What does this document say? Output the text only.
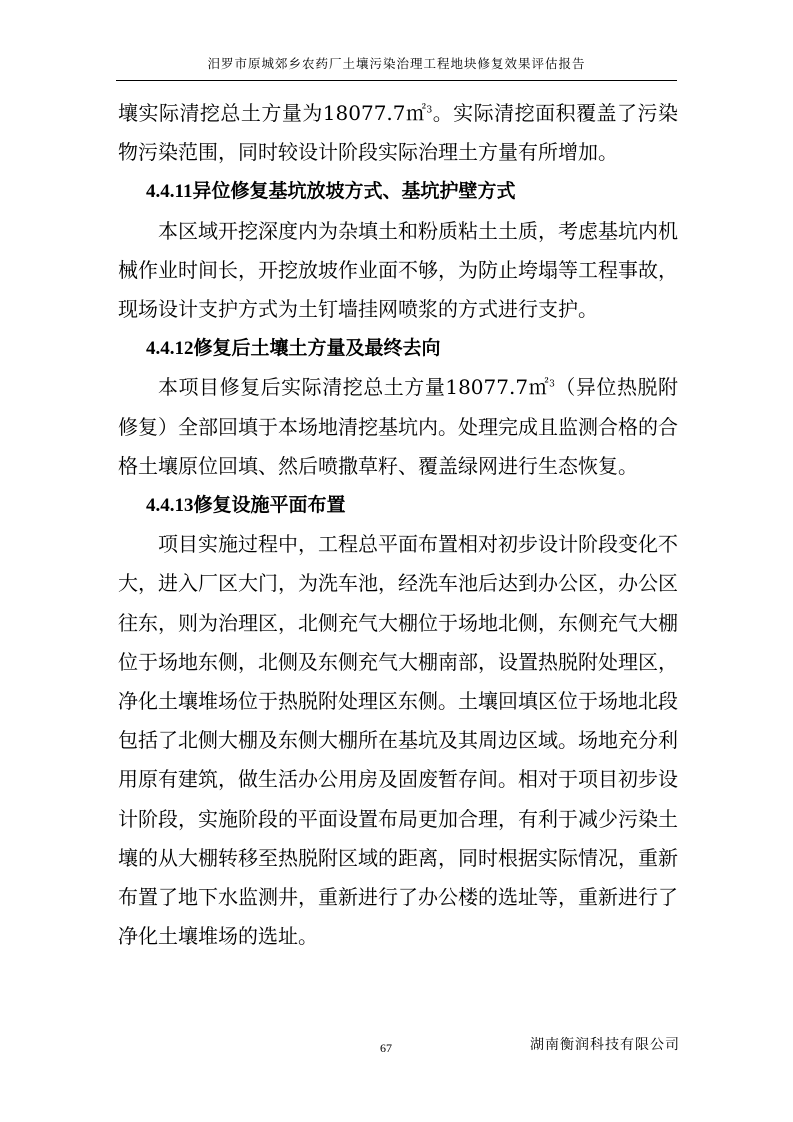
汨罗市原城郊乡农药厂土壤污染治理工程地块修复效果评估报告

壤实际清挖总土方量为18077.7㎡$^3$。实际清挖面积覆盖了污染物污染范围，同时较设计阶段实际治理土方量有所增加。

4.4.11异位修复基坑放坡方式、基坑护壁方式

本区域开挖深度内为杂填土和粉质粘土土质，考虑基坑内机械作业时间长，开挖放坡作业面不够，为防止垮塌等工程事故，现场设计支护方式为土钉墙挂网喷浆的方式进行支护。

4.4.12修复后土壤土方量及最终去向

本项目修复后实际清挖总土方量18077.7㎡$^3$（异位热脱附修复）全部回填于本场地清挖基坑内。处理完成且监测合格的合格土壤原位回填、然后喷撒草籽、覆盖绿网进行生态恢复。

4.4.13修复设施平面布置

项目实施过程中，工程总平面布置相对初步设计阶段变化不大，进入厂区大门，为洗车池，经洗车池后达到办公区，办公区往东，则为治理区，北侧充气大棚位于场地北侧，东侧充气大棚位于场地东侧，北侧及东侧充气大棚南部，设置热脱附处理区，净化土壤堆场位于热脱附处理区东侧。土壤回填区位于场地北段包括了北侧大棚及东侧大棚所在基坑及其周边区域。场地充分利用原有建筑，做生活办公用房及固废暂存间。相对于项目初步设计阶段，实施阶段的平面设置布局更加合理，有利于减少污染土壤的从大棚转移至热脱附区域的距离，同时根据实际情况，重新布置了地下水监测井，重新进行了办公楼的选址等，重新进行了净化土壤堆场的选址。

67	湖南衡润科技有限公司
